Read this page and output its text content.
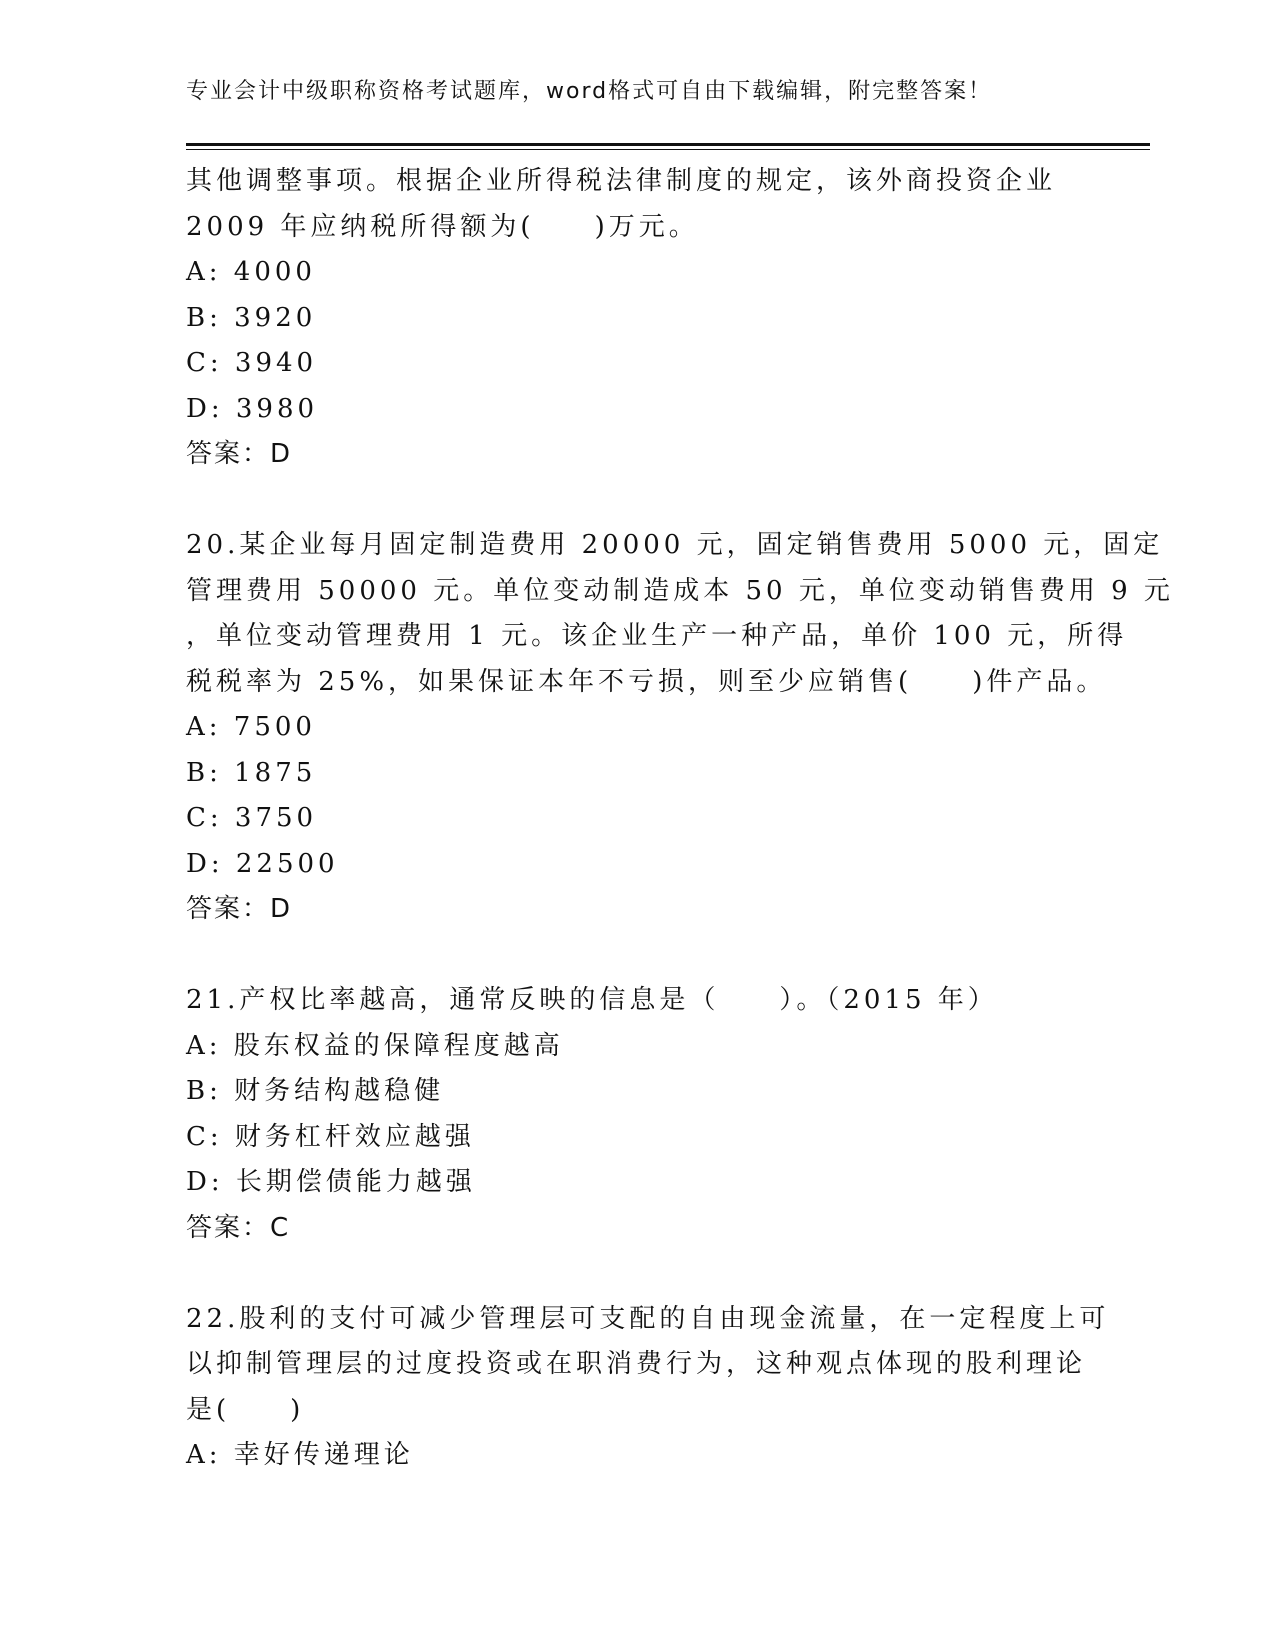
专业会计中级职称资格考试题库，word格式可自由下载编辑，附完整答案！
其他调整事项。根据企业所得税法律制度的规定，该外商投资企业
2009 年应纳税所得额为(　　)万元。
A: 4000
B: 3920
C: 3940
D: 3980
答案：D
20.某企业每月固定制造费用 20000 元，固定销售费用 5000 元，固定
管理费用 50000 元。单位变动制造成本 50 元，单位变动销售费用 9 元
，单位变动管理费用 1 元。该企业生产一种产品，单价 100 元，所得
税税率为 25%，如果保证本年不亏损，则至少应销售(　　)件产品。
A: 7500
B: 1875
C: 3750
D: 22500
答案：D
21.产权比率越高，通常反映的信息是（　　）。（2015 年）
A: 股东权益的保障程度越高
B: 财务结构越稳健
C: 财务杠杆效应越强
D: 长期偿债能力越强
答案：C
22.股利的支付可减少管理层可支配的自由现金流量，在一定程度上可
以抑制管理层的过度投资或在职消费行为，这种观点体现的股利理论
是(　　)
A: 幸好传递理论
